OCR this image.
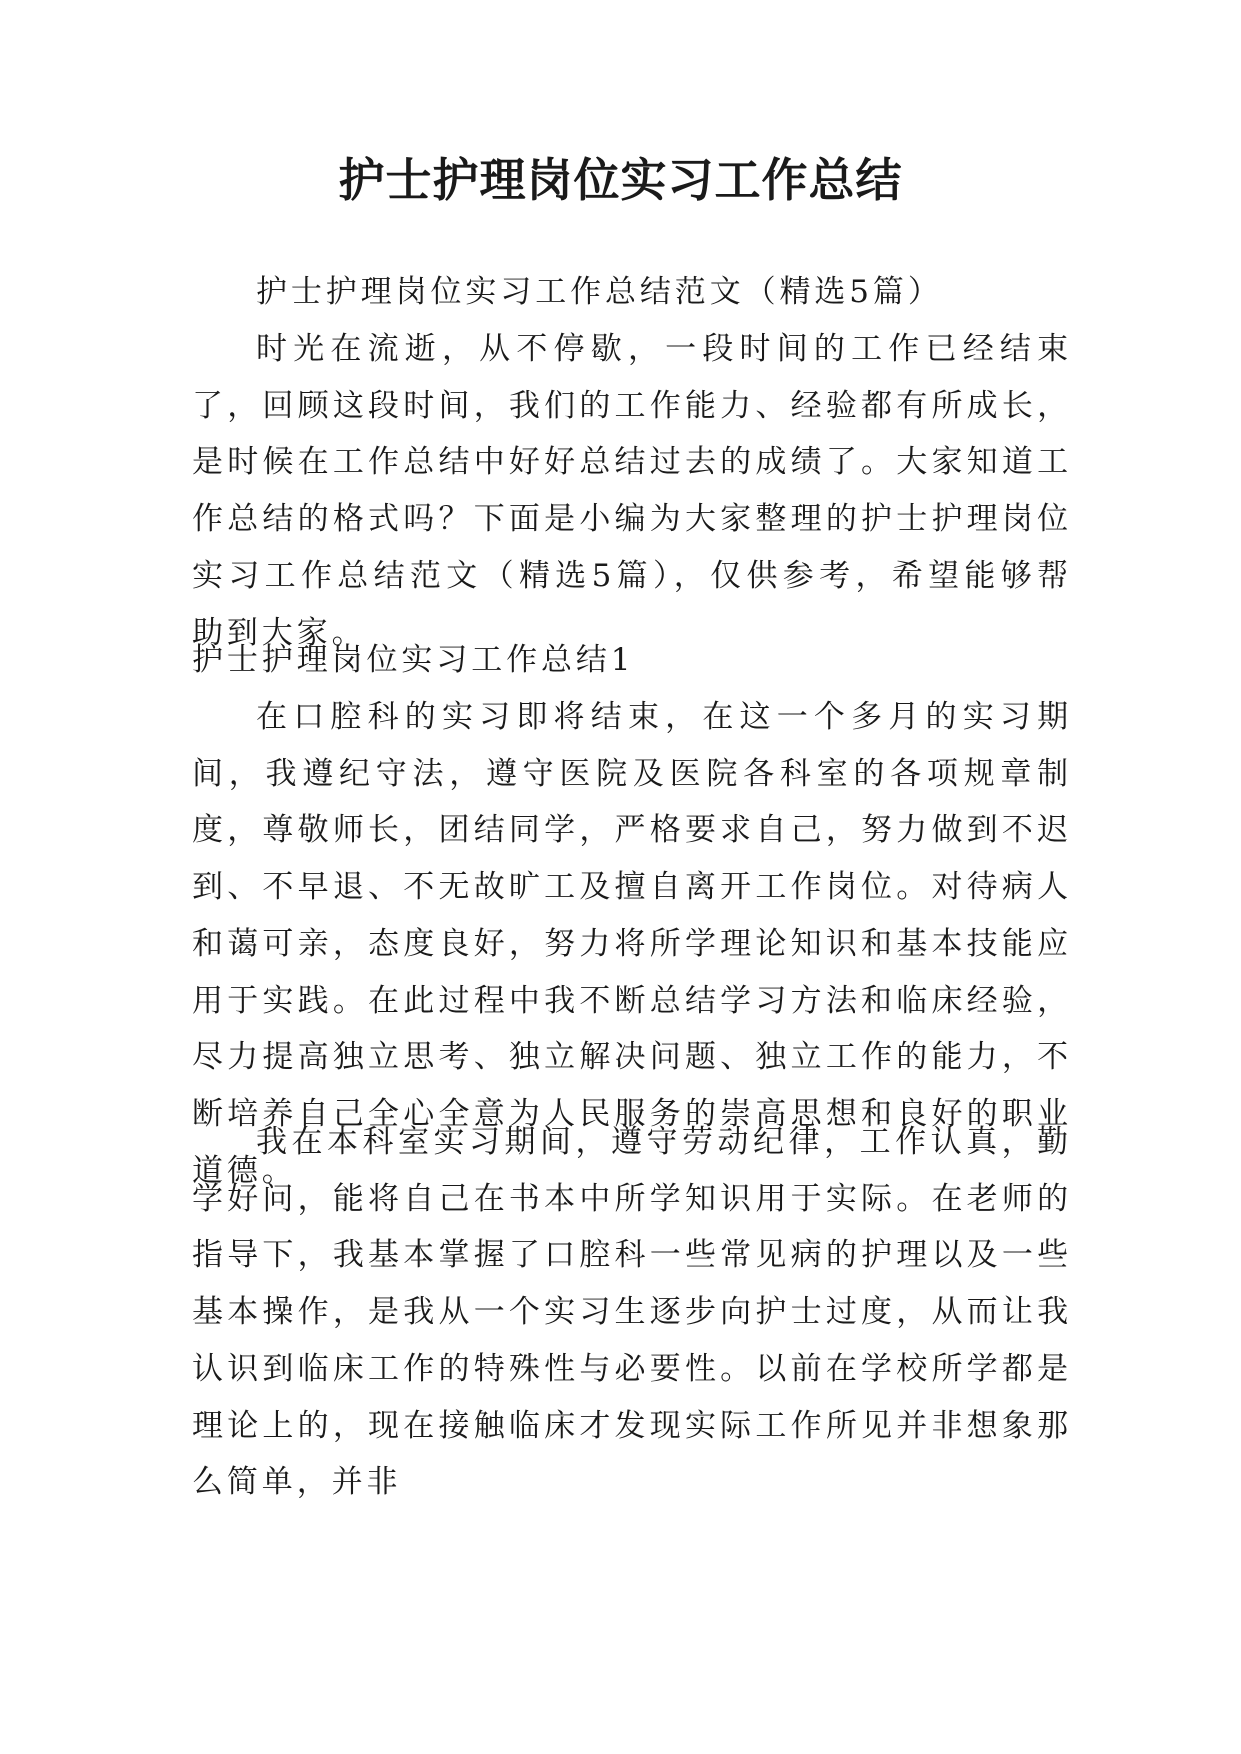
护士护理岗位实习工作总结

护士护理岗位实习工作总结范文（精选5篇）

时光在流逝，从不停歇，一段时间的工作已经结束了，回顾这段时间，我们的工作能力、经验都有所成长，是时候在工作总结中好好总结过去的成绩了。大家知道工作总结的格式吗？下面是小编为大家整理的护士护理岗位实习工作总结范文（精选5篇），仅供参考，希望能够帮助到大家。

护士护理岗位实习工作总结1

在口腔科的实习即将结束，在这一个多月的实习期间，我遵纪守法，遵守医院及医院各科室的各项规章制度，尊敬师长，团结同学，严格要求自己，努力做到不迟到、不早退、不无故旷工及擅自离开工作岗位。对待病人和蔼可亲，态度良好，努力将所学理论知识和基本技能应用于实践。在此过程中我不断总结学习方法和临床经验，尽力提高独立思考、独立解决问题、独立工作的能力，不断培养自己全心全意为人民服务的崇高思想和良好的职业道德。

我在本科室实习期间，遵守劳动纪律，工作认真，勤学好问，能将自己在书本中所学知识用于实际。在老师的指导下，我基本掌握了口腔科一些常见病的护理以及一些基本操作，是我从一个实习生逐步向护士过度，从而让我认识到临床工作的特殊性与必要性。以前在学校所学都是理论上的，现在接触临床才发现实际工作所见并非想象那么简单，并非
